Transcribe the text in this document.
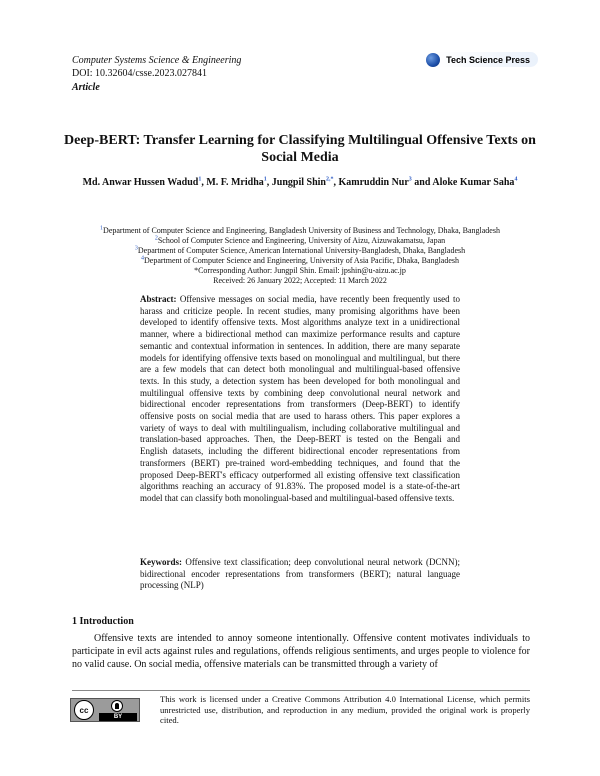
Computer Systems Science & Engineering
DOI: 10.32604/csse.2023.027841
Article
Tech Science Press
Deep-BERT: Transfer Learning for Classifying Multilingual Offensive Texts on Social Media
Md. Anwar Hussen Wadud$^1$, M. F. Mridha$^1$, Jungpil Shin$^{2,*}$, Kamruddin Nur$^3$ and Aloke Kumar Saha$^4$
$^1$Department of Computer Science and Engineering, Bangladesh University of Business and Technology, Dhaka, Bangladesh
$^2$School of Computer Science and Engineering, University of Aizu, Aizuwakamatsu, Japan
$^3$Department of Computer Science, American International University-Bangladesh, Dhaka, Bangladesh
$^4$Department of Computer Science and Engineering, University of Asia Pacific, Dhaka, Bangladesh
*Corresponding Author: Jungpil Shin. Email: jpshin@u-aizu.ac.jp
Received: 26 January 2022; Accepted: 11 March 2022
Abstract: Offensive messages on social media, have recently been frequently used to harass and criticize people. In recent studies, many promising algorithms have been developed to identify offensive texts. Most algorithms analyze text in a unidirectional manner, where a bidirectional method can maximize performance results and capture semantic and contextual information in sentences. In addition, there are many separate models for identifying offensive texts based on monolingual and multilingual, but there are a few models that can detect both monolingual and multilingual-based offensive texts. In this study, a detection system has been developed for both monolingual and multilingual offensive texts by combining deep convolutional neural network and bidirectional encoder representations from transformers (Deep-BERT) to identify offensive posts on social media that are used to harass others. This paper explores a variety of ways to deal with multilingualism, including collaborative multilingual and translation-based approaches. Then, the Deep-BERT is tested on the Bengali and English datasets, including the different bidirectional encoder representations from transformers (BERT) pre-trained word-embedding techniques, and found that the proposed Deep-BERT's efficacy outperformed all existing offensive text classification algorithms reaching an accuracy of 91.83%. The proposed model is a state-of-the-art model that can classify both monolingual-based and multilingual-based offensive texts.
Keywords: Offensive text classification; deep convolutional neural network (DCNN); bidirectional encoder representations from transformers (BERT); natural language processing (NLP)
1 Introduction
Offensive texts are intended to annoy someone intentionally. Offensive content motivates individuals to participate in evil acts against rules and regulations, offends religious sentiments, and urges people to violence for no valid cause. On social media, offensive materials can be transmitted through a variety of
cc
BY
This work is licensed under a Creative Commons Attribution 4.0 International License, which permits unrestricted use, distribution, and reproduction in any medium, provided the original work is properly cited.
